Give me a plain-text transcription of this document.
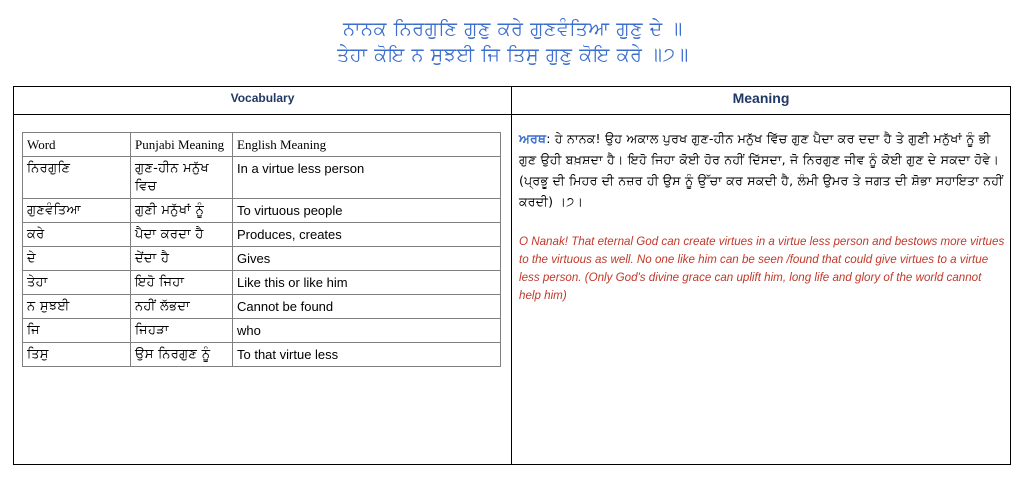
ਨਾਨਕ ਨਿਰਗੁਣਿ ਗੁਣੁ ਕਰੇ ਗੁਣਵੰਤਿਆ ਗੁਣੁ ਦੇ ॥
ਤੇਹਾ ਕੋਇ ਨ ਸੁਝਈ ਜਿ ਤਿਸੁ ਗੁਣੁ ਕੋਇ ਕਰੇ ॥੭॥
Vocabulary	Meaning
Word	Punjabi Meaning	English Meaning
ਨਿਰਗੁਣਿ	ਗੁਣ-ਹੀਨ ਮਨੁੱਖ ਵਿਚ	In a virtue less person
ਗੁਣਵੰਤਿਆ	ਗੁਣੀ ਮਨੁੱਖਾਂ ਨੂੰ	To virtuous people
ਕਰੇ	ਪੈਦਾ ਕਰਦਾ ਹੈ	Produces, creates
ਦੇ	ਦੇਂਦਾ ਹੈ	Gives
ਤੇਹਾ	ਇਹੋ ਜਿਹਾ	Like this or like him
ਨ ਸੁਝਈ	ਨਹੀਂ ਲੱਭਦਾ	Cannot be found
ਜਿ	ਜਿਹੜਾ	who
ਤਿਸੁ	ਉਸ ਨਿਰਗੁਣ ਨੂੰ	To that virtue less
ਅਰਥ: ਹੇ ਨਾਨਕ! ਉਹ ਅਕਾਲ ਪੁਰਖ ਗੁਣ-ਹੀਨ ਮਨੁੱਖ ਵਿੱਚ ਗੁਣ ਪੈਦਾ ਕਰ ਦਦਾ ਹੈ ਤੇ ਗੁਣੀ ਮਨੁੱਖਾਂ ਨੂੰ ਭੀ ਗੁਣ ਉਹੀ ਬਖ਼ਸ਼ਦਾ ਹੈ। ਇਹੋ ਜਿਹਾ ਕੋਈ ਹੋਰ ਨਹੀਂ ਦਿੱਸਦਾ, ਜੋ ਨਿਰਗੁਣ ਜੀਵ ਨੂੰ ਕੋਈ ਗੁਣ ਦੇ ਸਕਦਾ ਹੋਵੇ। (ਪ੍ਰਭੂ ਦੀ ਮਿਹਰ ਦੀ ਨਜ਼ਰ ਹੀ ਉਸ ਨੂੰ ਉੱਚਾ ਕਰ ਸਕਦੀ ਹੈ, ਲੰਮੀ ਉਮਰ ਤੇ ਜਗਤ ਦੀ ਸ਼ੋਭਾ ਸਹਾਇਤਾ ਨਹੀਂ ਕਰਦੀ) ।੭।
O Nanak! That eternal God can create virtues in a virtue less person and bestows more virtues to the virtuous as well. No one like him can be seen /found that could give virtues to a virtue less person. (Only God's divine grace can uplift him, long life and glory of the world cannot help him)
